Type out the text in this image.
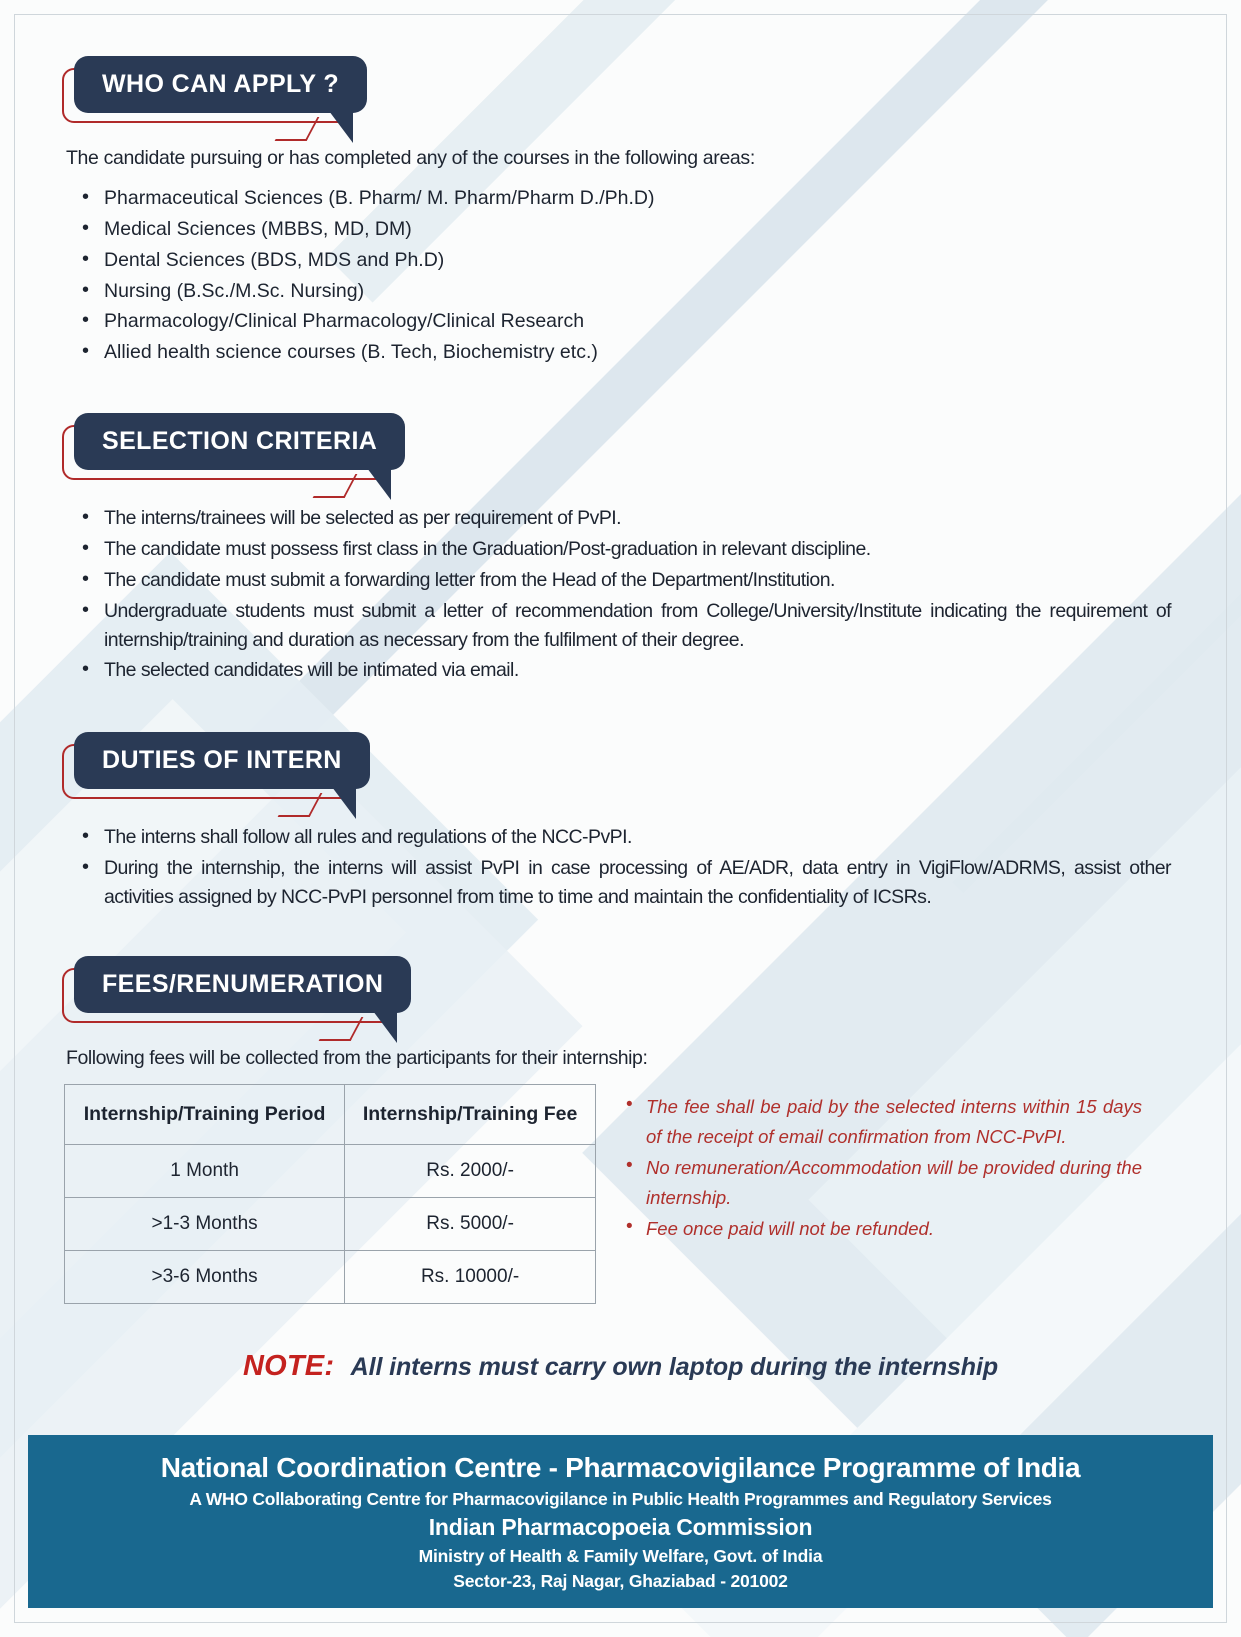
WHO CAN APPLY ?

The candidate pursuing or has completed any of the courses in the following areas:

• Pharmaceutical Sciences (B. Pharm/ M. Pharm/Pharm D./Ph.D)
• Medical Sciences (MBBS, MD, DM)
• Dental Sciences (BDS, MDS and Ph.D)
• Nursing (B.Sc./M.Sc. Nursing)
• Pharmacology/Clinical Pharmacology/Clinical Research
• Allied health science courses (B. Tech, Biochemistry etc.)
SELECTION CRITERIA
• The interns/trainees will be selected as per requirement of PvPI.
• The candidate must possess first class in the Graduation/Post-graduation in relevant discipline.
• The candidate must submit a forwarding letter from the Head of the Department/Institution.
• Undergraduate students must submit a letter of recommendation from College/University/Institute indicating the requirement of internship/training and duration as necessary from the fulfilment of their degree.
• The selected candidates will be intimated via email.
DUTIES OF INTERN
• The interns shall follow all rules and regulations of the NCC-PvPI.
• During the internship, the interns will assist PvPI in case processing of AE/ADR, data entry in VigiFlow/ADRMS, assist other activities assigned by NCC-PvPI personnel from time to time and maintain the confidentiality of ICSRs.
FEES/RENUMERATION

Following fees will be collected from the participants for their internship:

Internship/Training Period	Internship/Training Fee
1 Month	Rs. 2000/-
>1-3 Months	Rs. 5000/-
>3-6 Months	Rs. 10000/-
• The fee shall be paid by the selected interns within 15 days of the receipt of email confirmation from NCC-PvPI.
• No remuneration/Accommodation will be provided during the internship.
• Fee once paid will not be refunded.
NOTE: All interns must carry own laptop during the internship
National Coordination Centre - Pharmacovigilance Programme of India
A WHO Collaborating Centre for Pharmacovigilance in Public Health Programmes and Regulatory Services
Indian Pharmacopoeia Commission
Ministry of Health & Family Welfare, Govt. of India
Sector-23, Raj Nagar, Ghaziabad - 201002
